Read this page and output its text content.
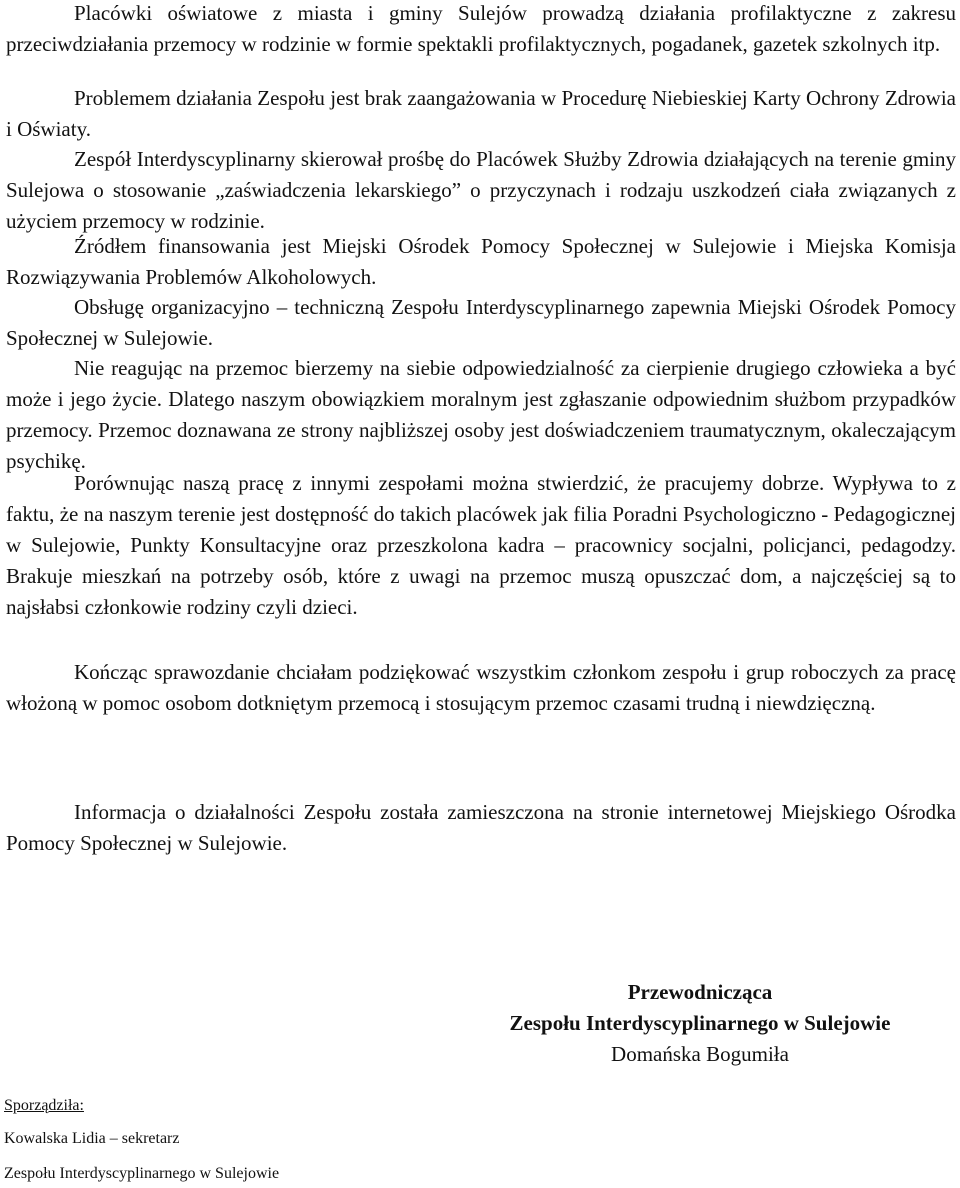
Placówki oświatowe z miasta i gminy Sulejów prowadzą działania profilaktyczne z zakresu przeciwdziałania przemocy w rodzinie w formie spektakli profilaktycznych, pogadanek, gazetek szkolnych itp.

Problemem działania Zespołu jest brak zaangażowania w Procedurę Niebieskiej Karty Ochrony Zdrowia i Oświaty.

Zespół Interdyscyplinarny skierował prośbę do Placówek Służby Zdrowia działających na terenie gminy Sulejowa o stosowanie „zaświadczenia lekarskiego” o przyczynach i rodzaju uszkodzeń ciała związanych z użyciem przemocy w rodzinie.

Źródłem finansowania jest Miejski Ośrodek Pomocy Społecznej w Sulejowie i Miejska Komisja Rozwiązywania Problemów Alkoholowych.

Obsługę organizacyjno – techniczną Zespołu Interdyscyplinarnego zapewnia Miejski Ośrodek Pomocy Społecznej w Sulejowie.

Nie reagując na przemoc bierzemy na siebie odpowiedzialność za cierpienie drugiego człowieka a być może i jego życie. Dlatego naszym obowiązkiem moralnym jest zgłaszanie odpowiednim służbom przypadków przemocy. Przemoc doznawana ze strony najbliższej osoby jest doświadczeniem traumatycznym, okaleczającym psychikę.

Porównując naszą pracę z innymi zespołami można stwierdzić, że pracujemy dobrze. Wypływa to z faktu, że na naszym terenie jest dostępność do takich placówek jak filia Poradni Psychologiczno - Pedagogicznej w Sulejowie, Punkty Konsultacyjne oraz przeszkolona kadra – pracownicy socjalni, policjanci, pedagodzy. Brakuje mieszkań na potrzeby osób, które z uwagi na przemoc muszą opuszczać dom, a najczęściej są to najsłabsi członkowie rodziny czyli dzieci.

Kończąc sprawozdanie chciałam podziękować wszystkim członkom zespołu i grup roboczych za pracę włożoną w pomoc osobom dotkniętym przemocą i stosującym przemoc czasami trudną i niewdzięczną.

Informacja o działalności Zespołu została zamieszczona na stronie internetowej Miejskiego Ośrodka Pomocy Społecznej w Sulejowie.

Przewodnicząca
Zespołu Interdyscyplinarnego w Sulejowie
Domańska Bogumiła
Sporządziła:
Kowalska Lidia – sekretarz
Zespołu Interdyscyplinarnego w Sulejowie
